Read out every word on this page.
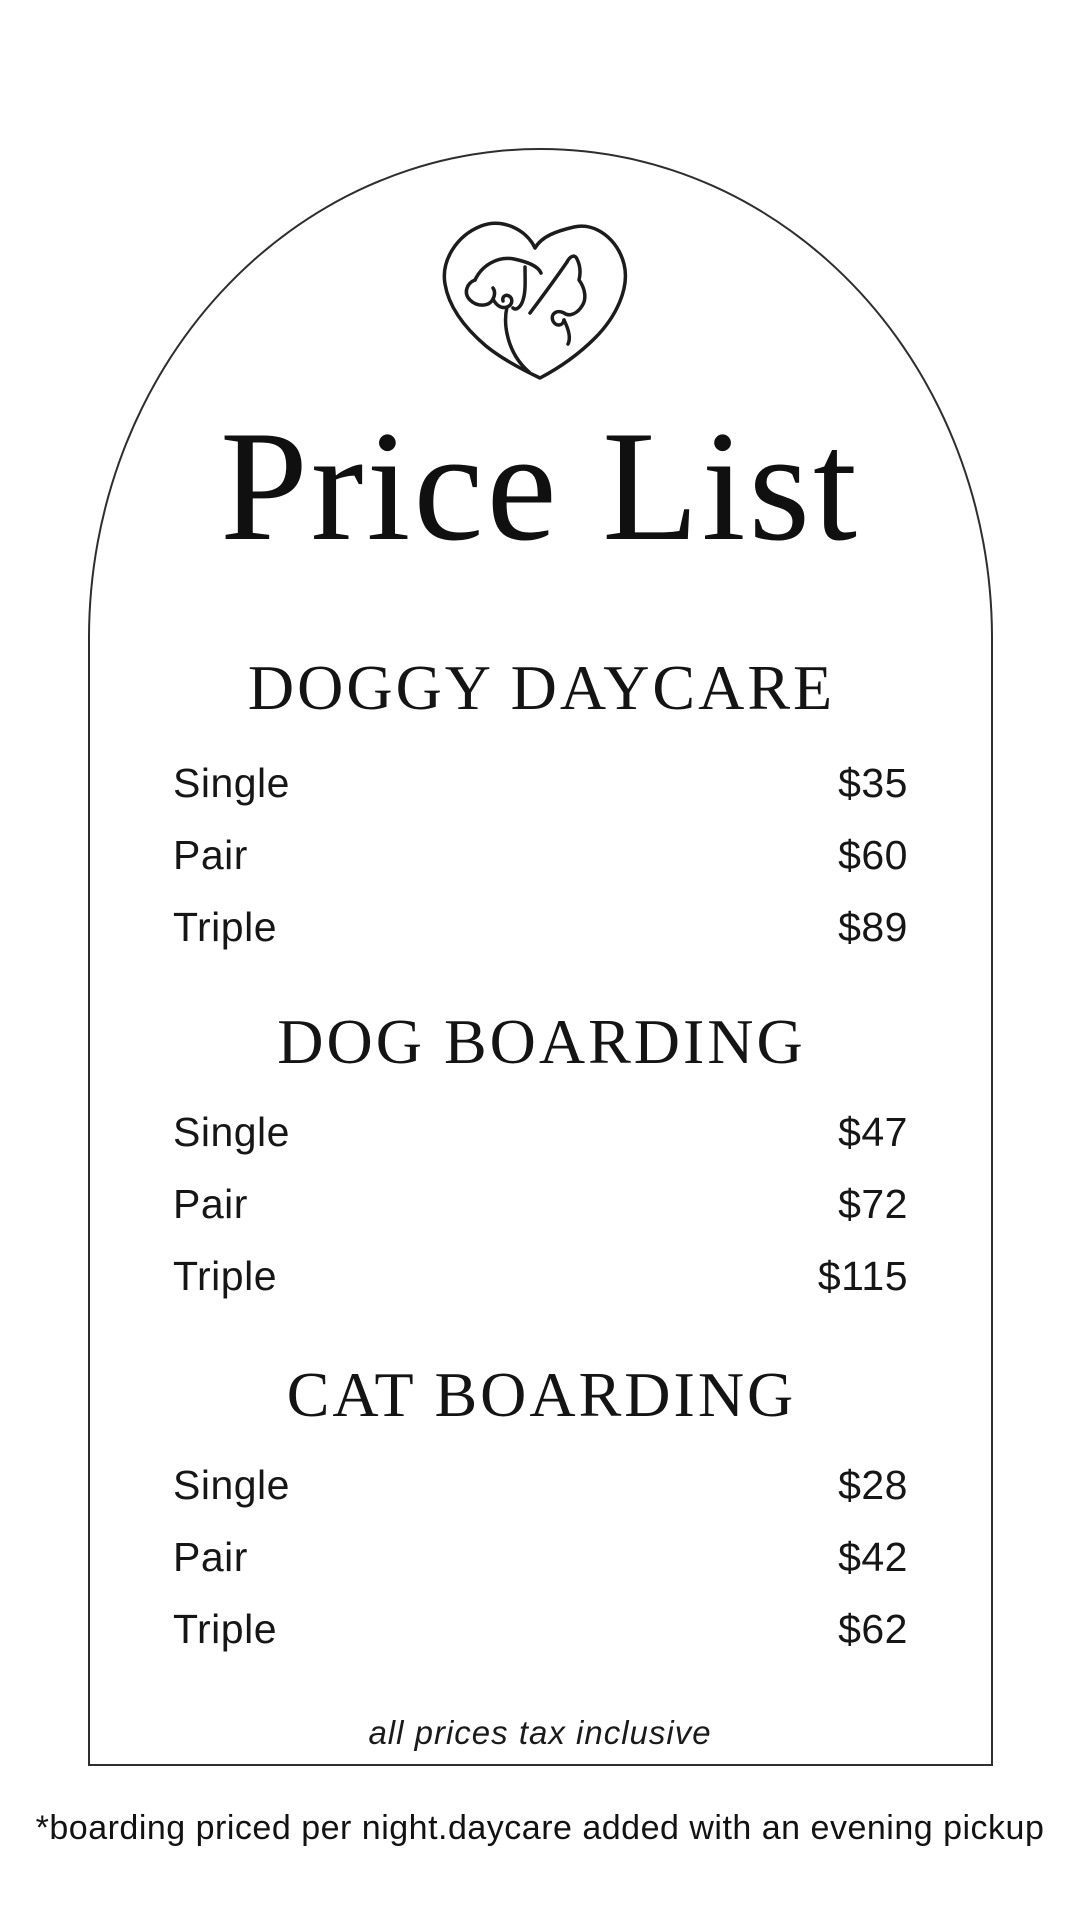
Price List
DOGGY DAYCARE
Single	$35
Pair	$60
Triple	$89
DOG BOARDING
Single	$47
Pair	$72
Triple	$115
CAT BOARDING
Single	$28
Pair	$42
Triple	$62
all prices tax inclusive
*boarding priced per night.daycare added with an evening pickup
